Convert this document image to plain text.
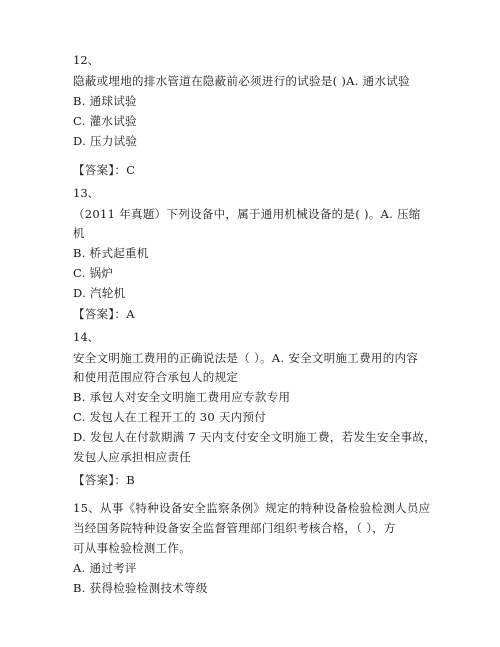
12、
隐蔽或埋地的排水管道在隐蔽前必须进行的试验是( )A. 通水试验
B. 通球试验
C. 灌水试验
D. 压力试验
【答案】：C
13、
（2011 年真题）下列设备中，属于通用机械设备的是( )。A. 压缩
机
B. 桥式起重机
C. 锅炉
D. 汽轮机
【答案】：A
14、
安全文明施工费用的正确说法是（ ）。A. 安全文明施工费用的内容
和使用范围应符合承包人的规定
B. 承包人对安全文明施工费用应专款专用
C. 发包人在工程开工的 30 天内预付
D. 发包人在付款期满 7 天内支付安全文明施工费，若发生安全事故，
发包人应承担相应责任
【答案】：B
15、从事《特种设备安全监察条例》规定的特种设备检验检测人员应
当经国务院特种设备安全监督管理部门组织考核合格，（ ），方
可从事检验检测工作。
A. 通过考评
B. 获得检验检测技术等级
